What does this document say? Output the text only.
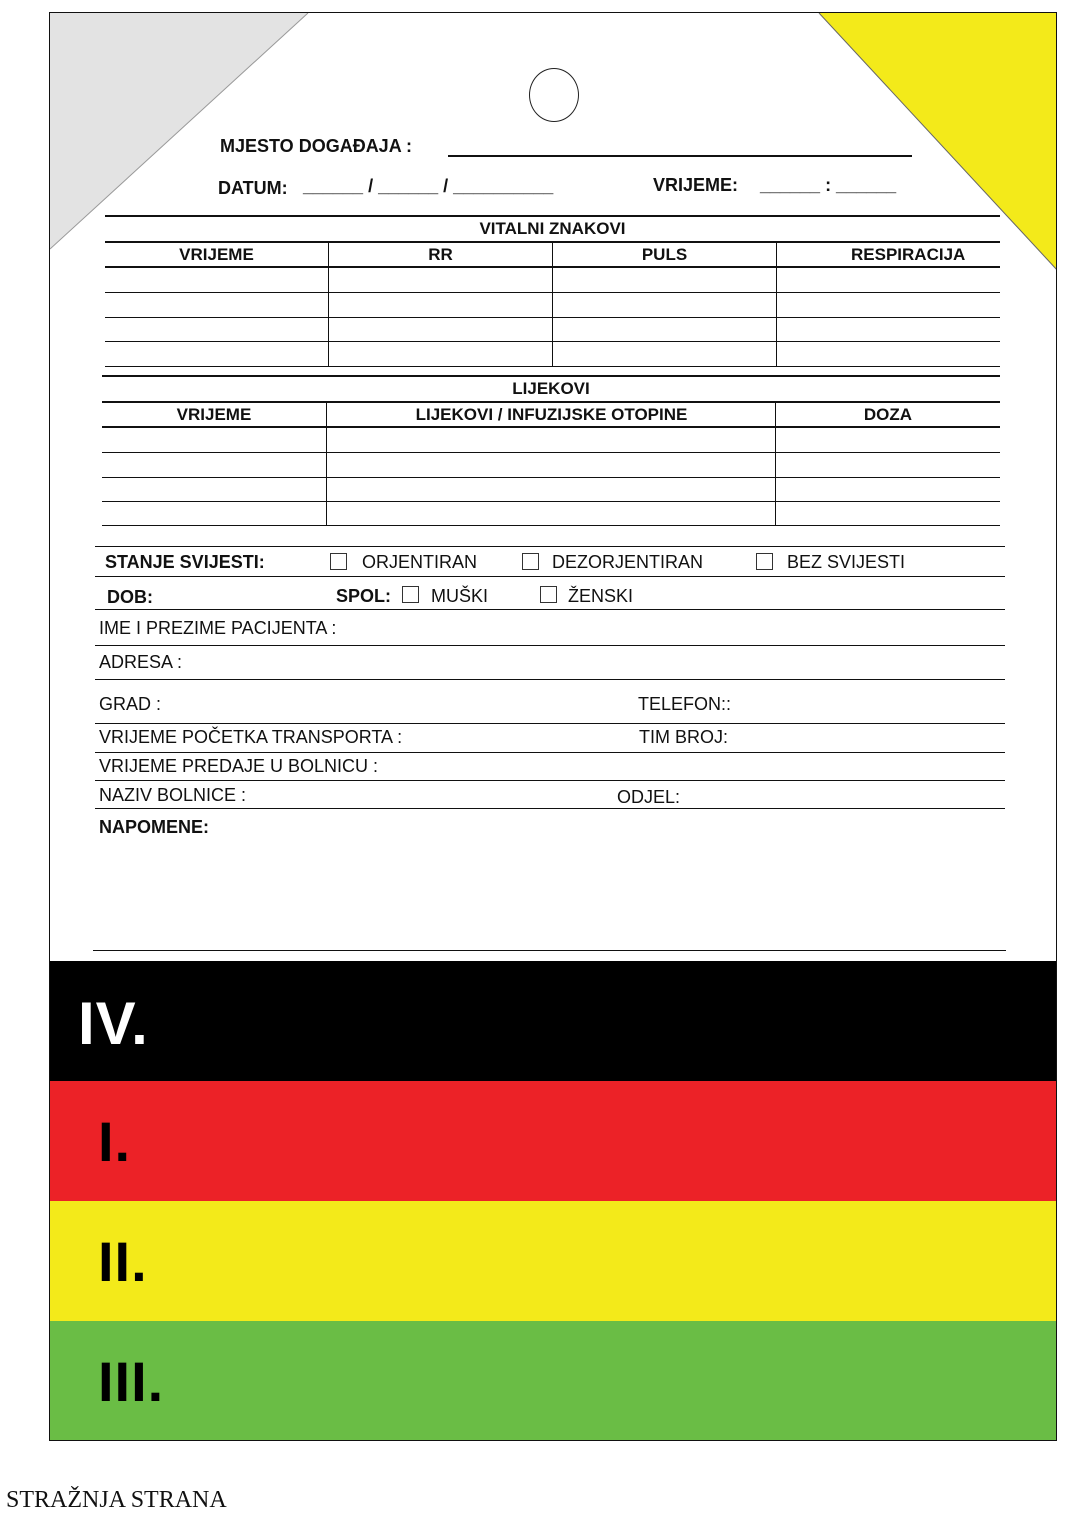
MJESTO DOGAĐAJA :
DATUM: ______ / ______ / __________	VRIJEME: ______ : ______
VITALNI ZNAKOVI
VRIJEME	RR	PULS	RESPIRACIJA
LIJEKOVI
VRIJEME	LIJEKOVI / INFUZIJSKE OTOPINE	DOZA
STANJE SVIJESTI:	ORJENTIRAN	DEZORJENTIRAN	BEZ SVIJESTI
DOB:	SPOL: MUŠKI	ŽENSKI
IME I PREZIME PACIJENTA :
ADRESA :
GRAD :	TELEFON::
VRIJEME POČETKA TRANSPORTA :	TIM BROJ:
VRIJEME PREDAJE U BOLNICU :
NAZIV BOLNICE :	ODJEL:
NAPOMENE:
IV.
I.
II.
III.
STRAŽNJA STRANA
